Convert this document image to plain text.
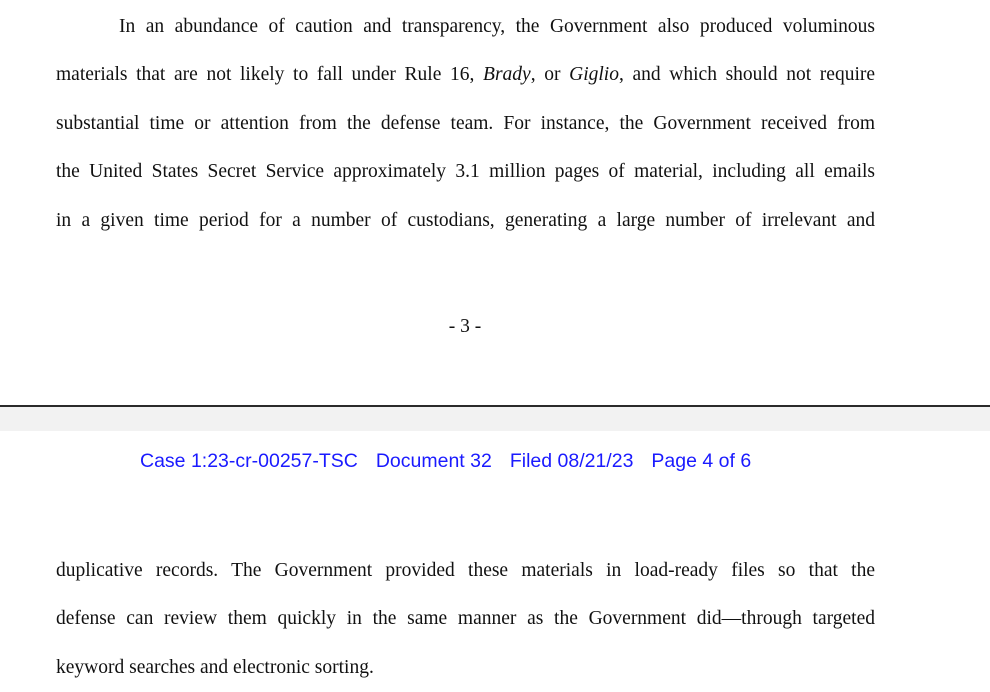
In an abundance of caution and transparency, the Government also produced voluminous
materials that are not likely to fall under Rule 16, Brady, or Giglio, and which should not require
substantial time or attention from the defense team. For instance, the Government received from
the United States Secret Service approximately 3.1 million pages of material, including all emails
in a given time period for a number of custodians, generating a large number of irrelevant and
- 3 -
Case 1:23-cr-00257-TSC Document 32 Filed 08/21/23 Page 4 of 6
duplicative records. The Government provided these materials in load-ready files so that the
defense can review them quickly in the same manner as the Government did—through targeted
keyword searches and electronic sorting.
